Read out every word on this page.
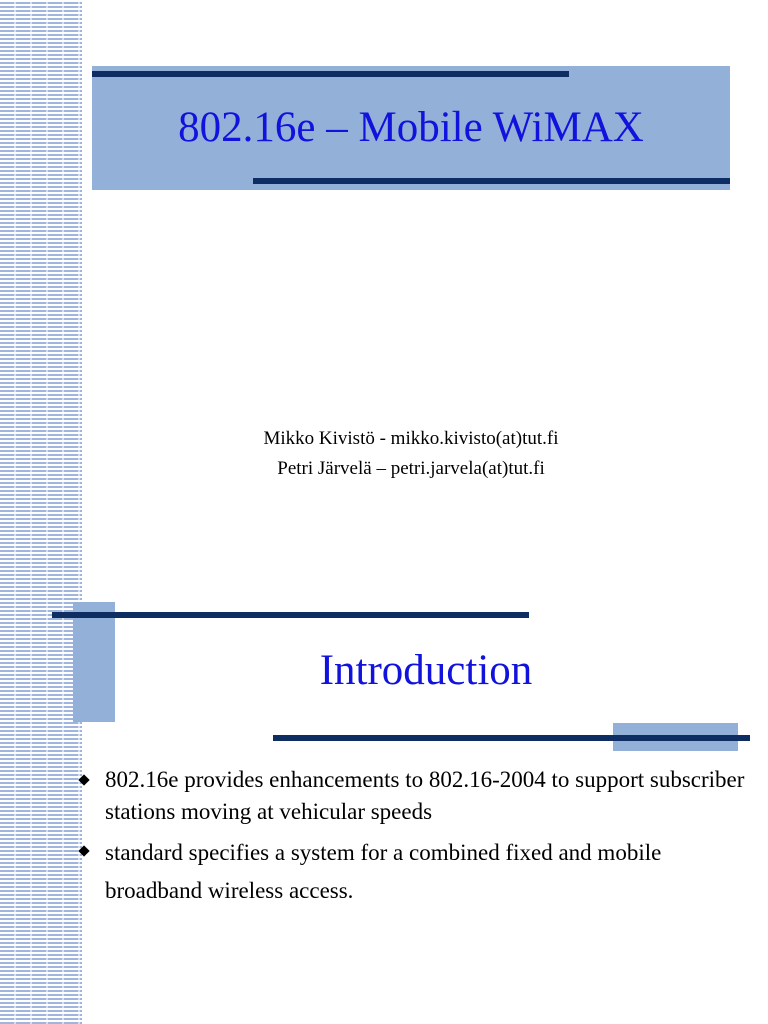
802.16e – Mobile WiMAX
Mikko Kivistö - mikko.kivisto(at)tut.fi
Petri Järvelä – petri.jarvela(at)tut.fi
Introduction
802.16e provides enhancements to 802.16-2004 to support subscriber stations moving at vehicular speeds
standard specifies a system for a combined fixed and mobile broadband wireless access.
